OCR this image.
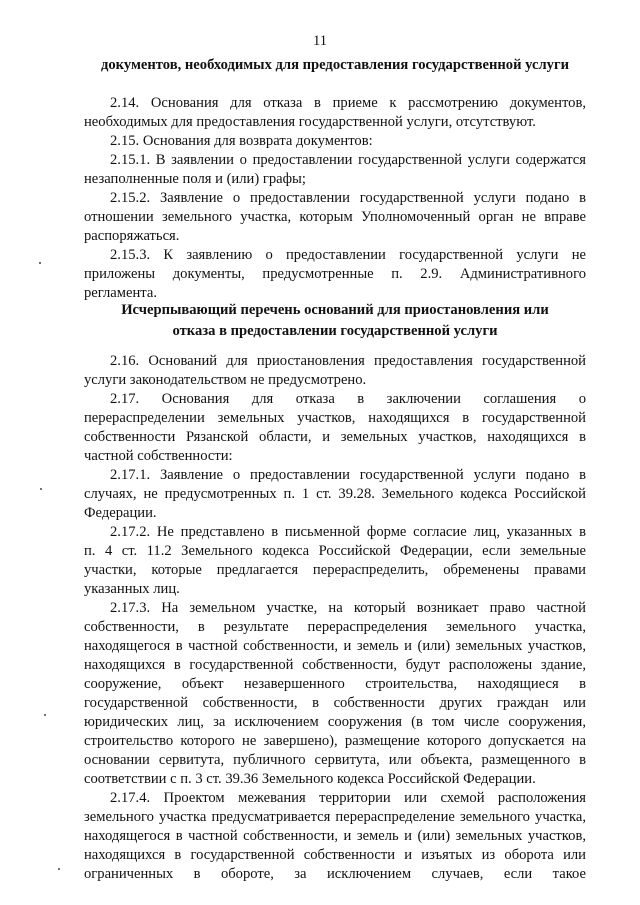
11
документов, необходимых для предоставления государственной услуги
2.14. Основания для отказа в приеме к рассмотрению документов,
необходимых для предоставления государственной услуги, отсутствуют.
2.15. Основания для возврата документов:
2.15.1. В заявлении о предоставлении государственной услуги содержатся
незаполненные поля и (или) графы;
2.15.2. Заявление о предоставлении государственной услуги подано в
отношении земельного участка, которым Уполномоченный орган не вправе
распоряжаться.
2.15.3. К заявлению о предоставлении государственной услуги не
приложены документы, предусмотренные п. 2.9. Административного
регламента.
Исчерпывающий перечень оснований для приостановления или
отказа в предоставлении государственной услуги
2.16. Оснований для приостановления предоставления государственной
услуги законодательством не предусмотрено.
2.17. Основания для отказа в заключении соглашения о
перераспределении земельных участков, находящихся в государственной
собственности Рязанской области, и земельных участков, находящихся в
частной собственности:
2.17.1. Заявление о предоставлении государственной услуги подано в
случаях, не предусмотренных п. 1 ст. 39.28. Земельного кодекса Российской
Федерации.
2.17.2. Не представлено в письменной форме согласие лиц, указанных в
п. 4 ст. 11.2 Земельного кодекса Российской Федерации, если земельные
участки, которые предлагается перераспределить, обременены правами
указанных лиц.
2.17.3. На земельном участке, на который возникает право частной
собственности, в результате перераспределения земельного участка,
находящегося в частной собственности, и земель и (или) земельных участков,
находящихся в государственной собственности, будут расположены здание,
сооружение, объект незавершенного строительства, находящиеся в
государственной собственности, в собственности других граждан или
юридических лиц, за исключением сооружения (в том числе сооружения,
строительство которого не завершено), размещение которого допускается на
основании сервитута, публичного сервитута, или объекта, размещенного в
соответствии с п. 3 ст. 39.36 Земельного кодекса Российской Федерации.
2.17.4. Проектом межевания территории или схемой расположения
земельного участка предусматривается перераспределение земельного участка,
находящегося в частной собственности, и земель и (или) земельных участков,
находящихся в государственной собственности и изъятых из оборота или
ограниченных в обороте, за исключением случаев, если такое
